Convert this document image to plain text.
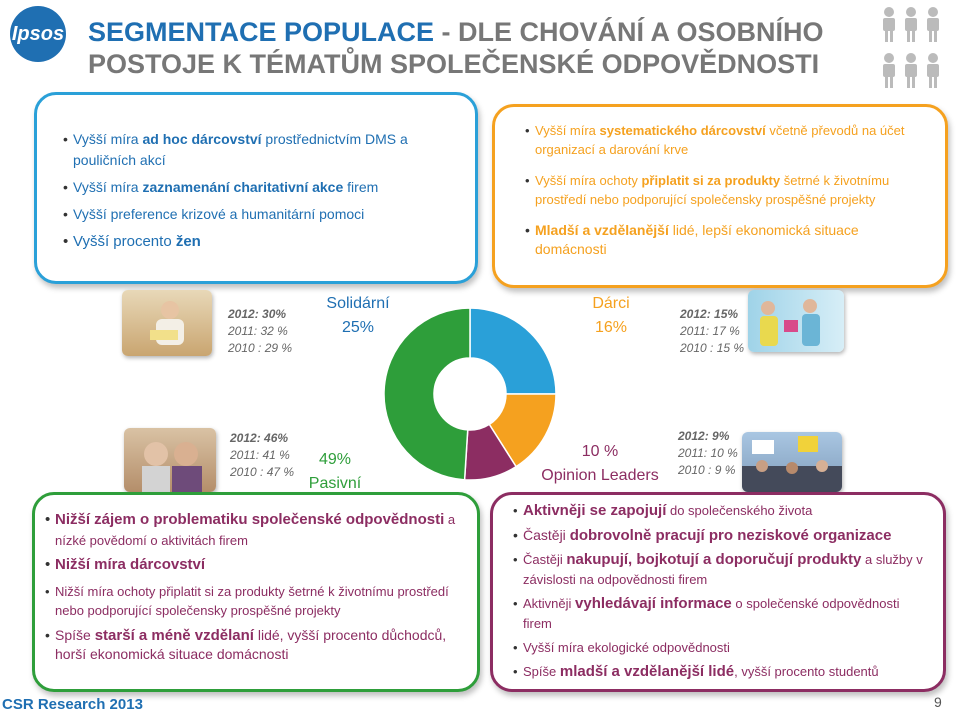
Ipsos SEGMENTACE POPULACE - DLE CHOVÁNÍ A OSOBNÍHO POSTOJE K TÉMATŮM SPOLEČENSKÉ ODPOVĚDNOSTI
• Vyšší míra ad hoc dárcovství prostřednictvím DMS a pouličních akcí
• Vyšší míra zaznamenání charitativní akce firem
• Vyšší preference krizové a humanitární pomoci
• Vyšší procento žen
• Vyšší míra systematického dárcovství včetně převodů na účet organizací a darování krve
• Vyšší míra ochoty připlatit si za produkty šetrné k životnímu prostředí nebo podporující společensky prospěšné projekty
• Mladší a vzdělanější lidé, lepší ekonomická situace domácnosti
2012: 30%
2011: 32 %
2010 : 29 %
Solidární
25%
Dárci
16%
2012: 15%
2011: 17 %
2010 : 15 %
2012: 46%
2011: 41 %
2010 : 47 %
49%
Pasivní
10 %
Opinion Leaders
2012: 9%
2011: 10 %
2010 : 9 %
• Nižší zájem o problematiku společenské odpovědnosti a nízké povědomí o aktivitách firem
• Nižší míra dárcovství
• Nižší míra ochoty připlatit si za produkty šetrné k životnímu prostředí nebo podporující společensky prospěšné projekty
• Spíše starší a méně vzdělaní lidé, vyšší procento důchodců, horší ekonomická situace domácnosti
• Aktivněji se zapojují do společenského života
• Častěji dobrovolně pracují pro neziskové organizace
• Častěji nakupují, bojkotují a doporučují produkty a služby v závislosti na odpovědnosti firem
• Aktivněji vyhledávají informace o společenské odpovědnosti firem
• Vyšší míra ekologické odpovědnosti
• Spíše mladší a vzdělanější lidé, vyšší procento studentů
CSR Research 2013	9
